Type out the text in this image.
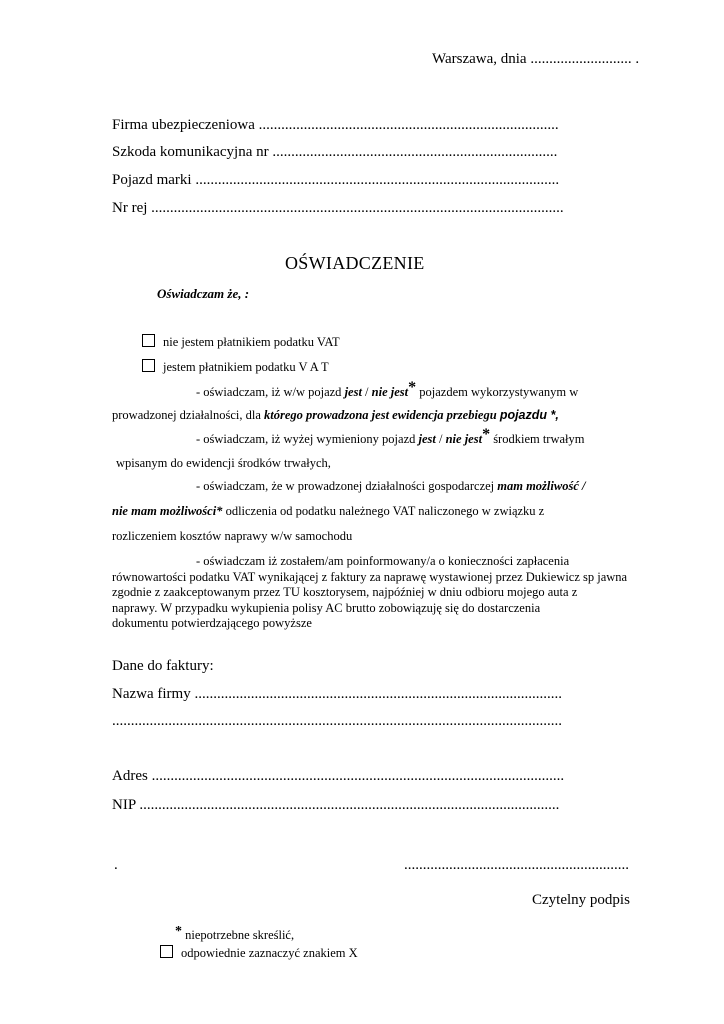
Warszawa, dnia ........................... .
Firma ubezpieczeniowa ................................................................................
Szkoda komunikacyjna nr ............................................................................
Pojazd marki .................................................................................................
Nr rej ..............................................................................................................
OŚWIADCZENIE
Oświadczam że, :
nie jestem płatnikiem podatku VAT
jestem płatnikiem podatku V A T
- oświadczam, iż w/w pojazd jest / nie jest* pojazdem wykorzystywanym w
prowadzonej działalności, dla którego prowadzona jest ewidencja przebiegu pojazdu *,
- oświadczam, iż wyżej wymieniony pojazd jest / nie jest* środkiem trwałym
wpisanym do ewidencji środków trwałych,
- oświadczam, że w prowadzonej działalności gospodarczej mam możliwość /
nie mam możliwości* odliczenia od podatku należnego VAT naliczonego w związku z
rozliczeniem kosztów naprawy w/w samochodu
- oświadczam iż zostałem/am poinformowany/a o konieczności zapłacenia
równowartości podatku VAT wynikającej z faktury za naprawę wystawionej przez Dukiewicz sp jawna
zgodnie z zaakceptowanym przez TU kosztorysem, najpóźniej w dniu odbioru mojego auta z
naprawy. W przypadku wykupienia polisy AC brutto zobowiązuję się do dostarczenia
dokumentu potwierdzającego powyższe
Dane do faktury:
Nazwa firmy ..................................................................................................
........................................................................................................................
Adres ..............................................................................................................
NIP ................................................................................................................
.	............................................................
Czytelny podpis
* niepotrzebne skreślić,
odpowiednie zaznaczyć znakiem X
